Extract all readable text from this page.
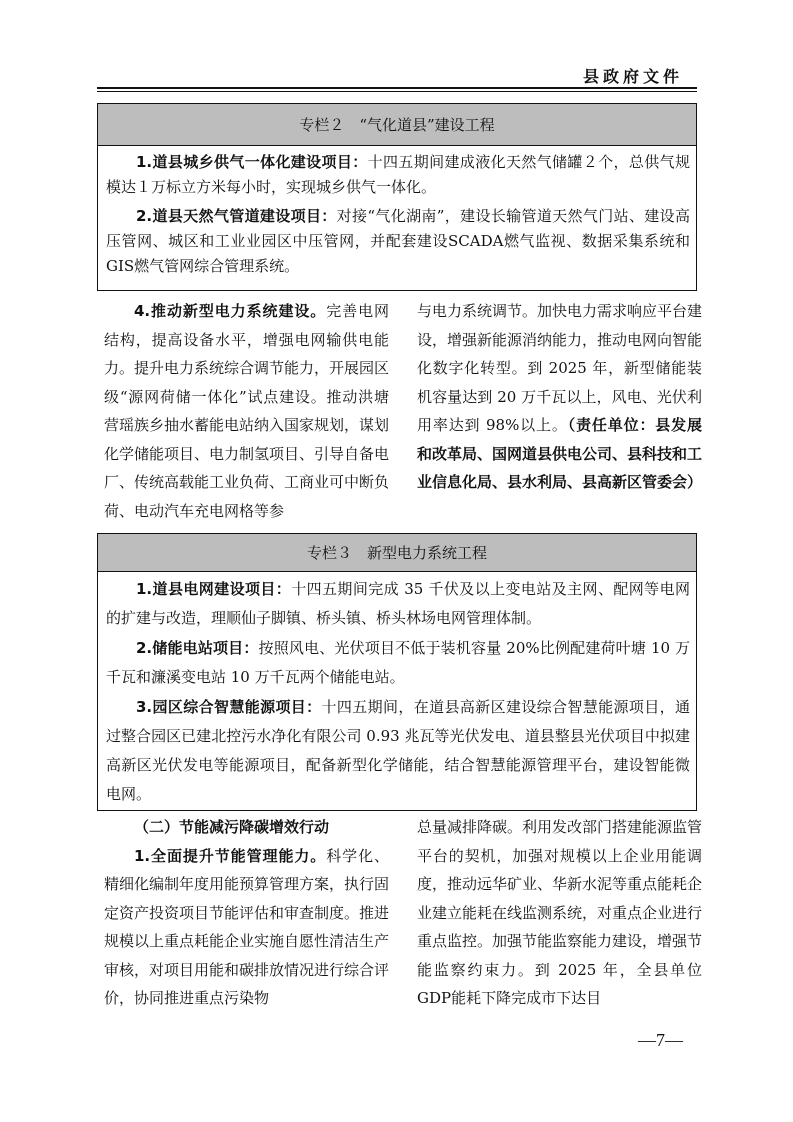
县政府文件
专栏２　“气化道县”建设工程

1.道县城乡供气一体化建设项目：十四五期间建成液化天然气储罐２个，总供气规模达１万标立方米每小时，实现城乡供气一体化。

2.道县天然气管道建设项目：对接“气化湖南”，建设长输管道天然气门站、建设高压管网、城区和工业业园区中压管网，并配套建设SCADA燃气监视、数据采集系统和GIS燃气管网综合管理系统。

4.推动新型电力系统建设。完善电网结构，提高设备水平，增强电网输供电能力。提升电力系统综合调节能力，开展园区级“源网荷储一体化”试点建设。推动洪塘营瑶族乡抽水蓄能电站纳入国家规划，谋划化学储能项目、电力制氢项目、引导自备电厂、传统高载能工业负荷、工商业可中断负荷、电动汽车充电网格等参

与电力系统调节。加快电力需求响应平台建设，增强新能源消纳能力，推动电网向智能化数字化转型。到 2025 年，新型储能装机容量达到 20 万千瓦以上，风电、光伏利用率达到 98%以上。（责任单位：县发展和改革局、国网道县供电公司、县科技和工业信息化局、县水利局、县高新区管委会）

专栏３　新型电力系统工程

1.道县电网建设项目：十四五期间完成 35 千伏及以上变电站及主网、配网等电网的扩建与改造，理顺仙子脚镇、桥头镇、桥头林场电网管理体制。

2.储能电站项目：按照风电、光伏项目不低于装机容量 20%比例配建荷叶塘 10 万千瓦和濂溪变电站 10 万千瓦两个储能电站。

3.园区综合智慧能源项目：十四五期间，在道县高新区建设综合智慧能源项目，通过整合园区已建北控污水净化有限公司 0.93 兆瓦等光伏发电、道县整县光伏项目中拟建高新区光伏发电等能源项目，配备新型化学储能，结合智慧能源管理平台，建设智能微电网。

（二）节能减污降碳增效行动

1.全面提升节能管理能力。科学化、精细化编制年度用能预算管理方案，执行固定资产投资项目节能评估和审查制度。推进规模以上重点耗能企业实施自愿性清洁生产审核，对项目用能和碳排放情况进行综合评价，协同推进重点污染物

总量减排降碳。利用发改部门搭建能源监管平台的契机，加强对规模以上企业用能调度，推动远华矿业、华新水泥等重点能耗企业建立能耗在线监测系统，对重点企业进行重点监控。加强节能监察能力建设，增强节能监察约束力。到 2025 年，全县单位GDP能耗下降完成市下达目

—7—
